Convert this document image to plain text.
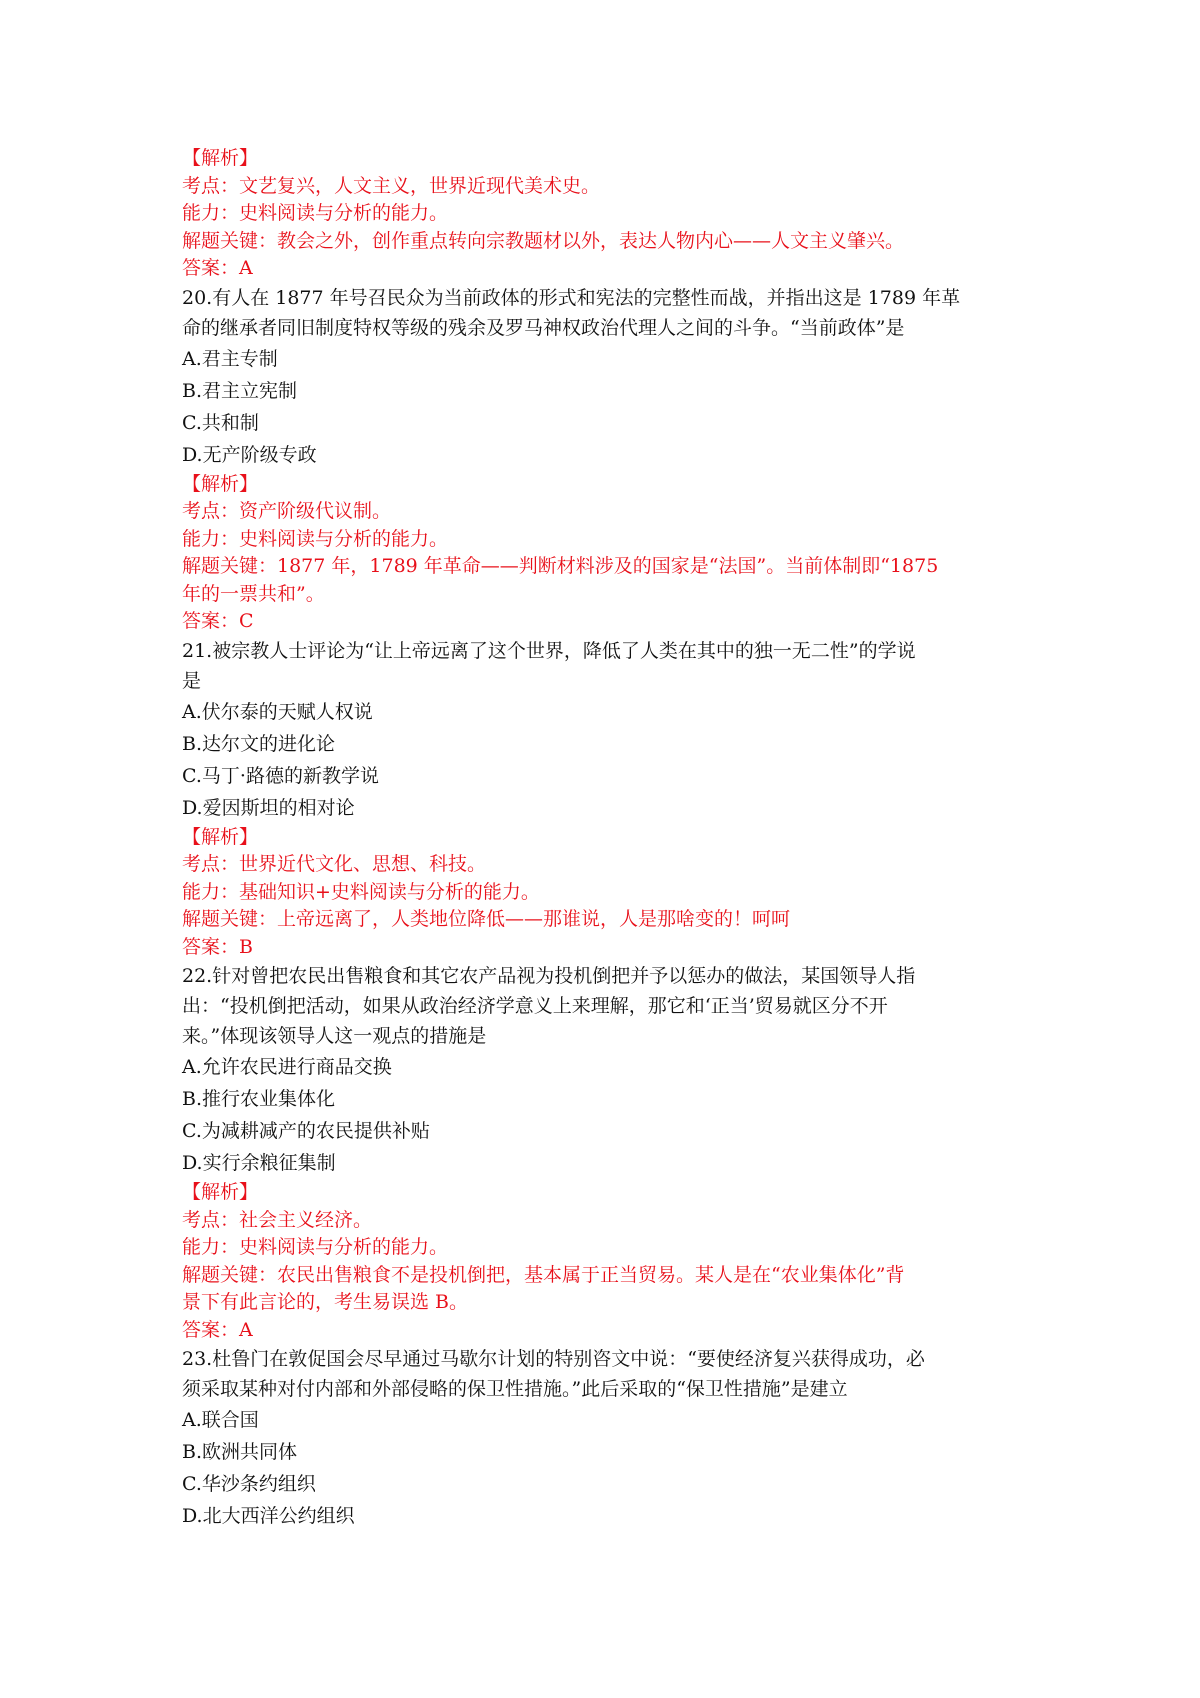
【解析】
考点：文艺复兴，人文主义，世界近现代美术史。
能力：史料阅读与分析的能力。
解题关键：教会之外，创作重点转向宗教题材以外，表达人物内心——人文主义肇兴。
答案：A
20.有人在 1877 年号召民众为当前政体的形式和宪法的完整性而战，并指出这是 1789 年革
命的继承者同旧制度特权等级的残余及罗马神权政治代理人之间的斗争。“当前政体”是
A.君主专制
B.君主立宪制
C.共和制
D.无产阶级专政
【解析】
考点：资产阶级代议制。
能力：史料阅读与分析的能力。
解题关键：1877 年，1789 年革命——判断材料涉及的国家是“法国”。当前体制即“1875
年的一票共和”。
答案：C
21.被宗教人士评论为“让上帝远离了这个世界，降低了人类在其中的独一无二性”的学说
是
A.伏尔泰的天赋人权说
B.达尔文的进化论
C.马丁·路德的新教学说
D.爱因斯坦的相对论
【解析】
考点：世界近代文化、思想、科技。
能力：基础知识+史料阅读与分析的能力。
解题关键：上帝远离了，人类地位降低——那谁说，人是那啥变的！呵呵
答案：B
22.针对曾把农民出售粮食和其它农产品视为投机倒把并予以惩办的做法，某国领导人指
出：“投机倒把活动，如果从政治经济学意义上来理解，那它和‘正当’贸易就区分不开
来。”体现该领导人这一观点的措施是
A.允许农民进行商品交换
B.推行农业集体化
C.为减耕减产的农民提供补贴
D.实行余粮征集制
【解析】
考点：社会主义经济。
能力：史料阅读与分析的能力。
解题关键：农民出售粮食不是投机倒把，基本属于正当贸易。某人是在“农业集体化”背
景下有此言论的，考生易误选 B。
答案：A
23.杜鲁门在敦促国会尽早通过马歇尔计划的特别咨文中说：“要使经济复兴获得成功，必
须采取某种对付内部和外部侵略的保卫性措施。”此后采取的“保卫性措施”是建立
A.联合国
B.欧洲共同体
C.华沙条约组织
D.北大西洋公约组织
